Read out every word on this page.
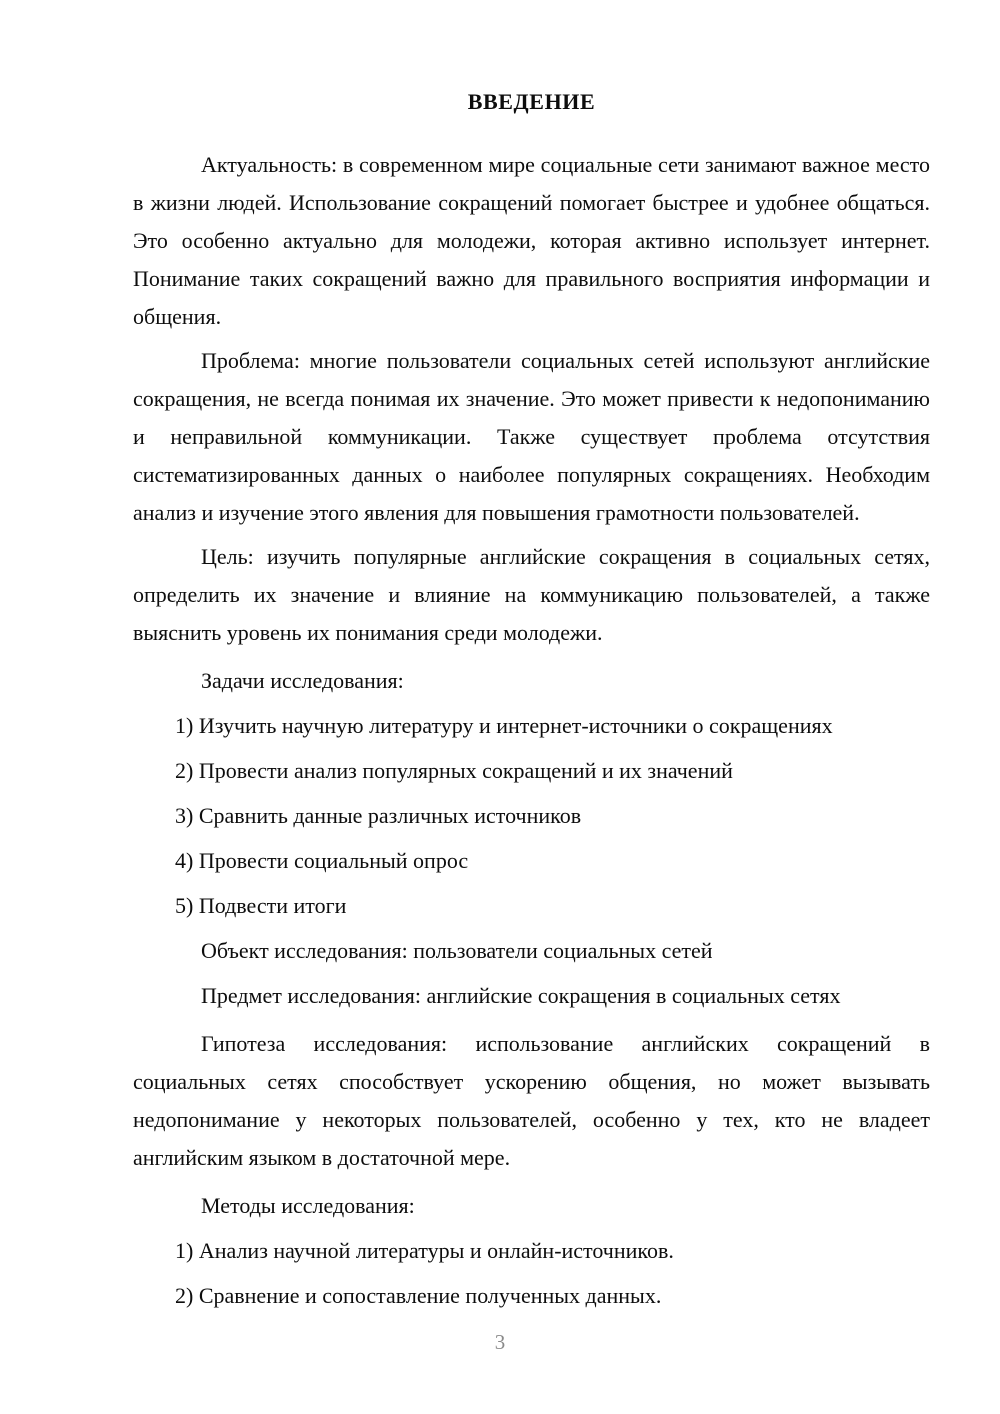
ВВЕДЕНИЕ

Актуальность: в современном мире социальные сети занимают важное место в жизни людей. Использование сокращений помогает быстрее и удобнее общаться. Это особенно актуально для молодежи, которая активно использует интернет. Понимание таких сокращений важно для правильного восприятия информации и общения.

Проблема: многие пользователи социальных сетей используют английские сокращения, не всегда понимая их значение. Это может привести к недопониманию и неправильной коммуникации. Также существует проблема отсутствия систематизированных данных о наиболее популярных сокращениях. Необходим анализ и изучение этого явления для повышения грамотности пользователей.

Цель: изучить популярные английские сокращения в социальных сетях, определить их значение и влияние на коммуникацию пользователей, а также выяснить уровень их понимания среди молодежи.

Задачи исследования:

1) Изучить научную литературу и интернет-источники о сокращениях

2) Провести анализ популярных сокращений и их значений

3) Сравнить данные различных источников

4) Провести социальный опрос

5) Подвести итоги

Объект исследования: пользователи социальных сетей

Предмет исследования: английские сокращения в социальных сетях

Гипотеза исследования: использование английских сокращений в социальных сетях способствует ускорению общения, но может вызывать недопонимание у некоторых пользователей, особенно у тех, кто не владеет английским языком в достаточной мере.

Методы исследования:

1) Анализ научной литературы и онлайн-источников.

2) Сравнение и сопоставление полученных данных.

3
